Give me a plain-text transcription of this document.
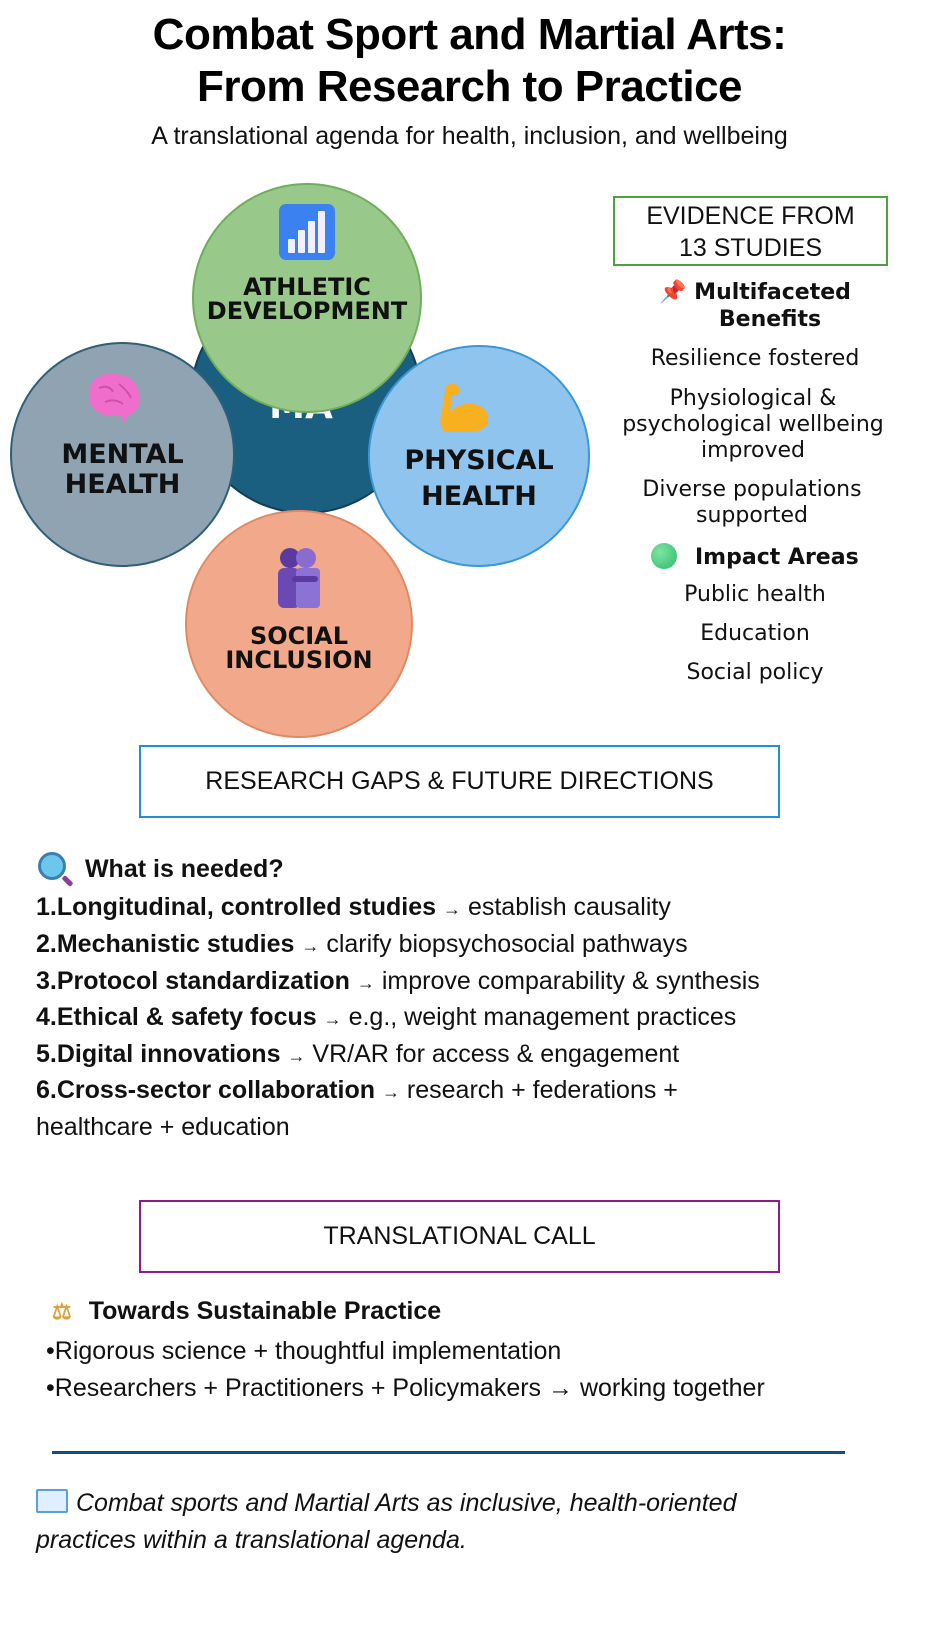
Combat Sport and Martial Arts:
From Research to Practice
A translational agenda for health, inclusion, and wellbeing
ATHLETIC
DEVELOPMENT
MENTAL
HEALTH
PHYSICAL
HEALTH
SOCIAL
INCLUSION
EVIDENCE FROM
13 STUDIES
📌 Multifaceted
Benefits
Resilience fostered
Physiological & psychological wellbeing improved
Diverse populations supported
Impact Areas
Public health
Education
Social policy
RESEARCH GAPS & FUTURE DIRECTIONS
What is needed?
1.Longitudinal, controlled studies → establish causality
2.Mechanistic studies → clarify biopsychosocial pathways
3.Protocol standardization → improve comparability & synthesis
4.Ethical & safety focus → e.g., weight management practices
5.Digital innovations → VR/AR for access & engagement
6.Cross-sector collaboration → research + federations +
healthcare + education
TRANSLATIONAL CALL
⚖ Towards Sustainable Practice
•Rigorous science + thoughtful implementation
•Researchers + Practitioners + Policymakers → working together
Combat sports and Martial Arts as inclusive, health-oriented
practices within a translational agenda.
